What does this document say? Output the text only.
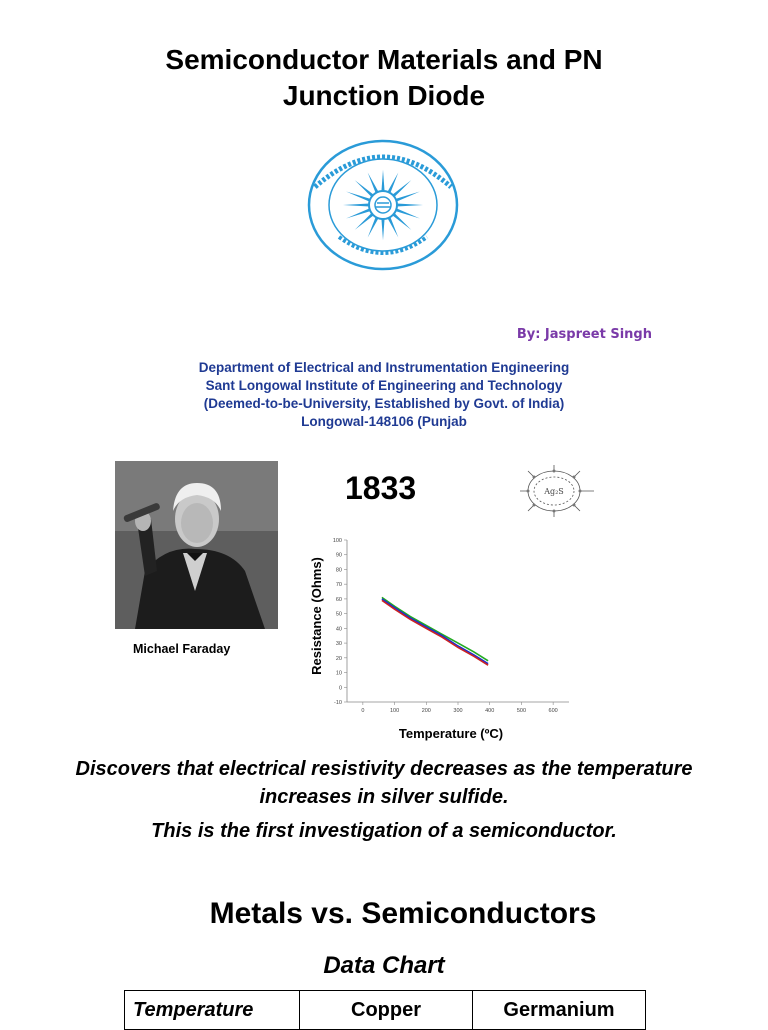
Semiconductor Materials and PN
Junction Diode
By: Jaspreet Singh
Department of Electrical and Instrumentation Engineering
Sant Longowal Institute of Engineering and Technology
(Deemed-to-be-University, Established by Govt. of India)
Longowal-148106 (Punjab
Michael Faraday
1833	Ag₂S
-10
0
10
20
30
40
50
60
70
80
90
100
0	100	200	300	400	500	600
Resistance (Ohms)
Temperature (ºC)

Discovers that electrical resistivity decreases as the temperature increases in silver sulfide.

This is the first investigation of a semiconductor.

Metals vs. Semiconductors
Data Chart
Temperature	Copper	Germanium
